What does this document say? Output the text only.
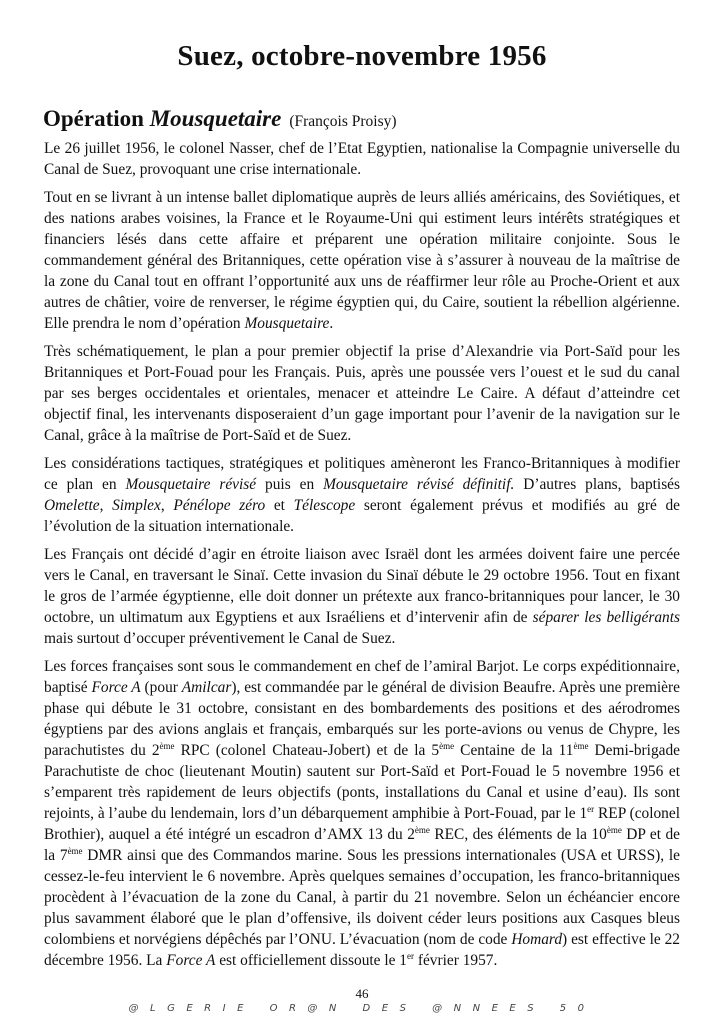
Suez, octobre-novembre 1956
Opération Mousquetaire (François Proisy)

Le 26 juillet 1956, le colonel Nasser, chef de l’Etat Egyptien, nationalise la Compagnie universelle du Canal de Suez, provoquant une crise internationale.

Tout en se livrant à un intense ballet diplomatique auprès de leurs alliés américains, des Soviétiques, et des nations arabes voisines, la France et le Royaume-Uni qui estiment leurs intérêts stratégiques et financiers lésés dans cette affaire et préparent une opération militaire conjointe. Sous le commandement général des Britanniques, cette opération vise à s’assurer à nouveau de la maîtrise de la zone du Canal tout en offrant l’opportunité aux uns de réaffirmer leur rôle au Proche-Orient et aux autres de châtier, voire de renverser, le régime égyptien qui, du Caire, soutient la rébellion algérienne. Elle prendra le nom d’opération Mousquetaire.

Très schématiquement, le plan a pour premier objectif la prise d’Alexandrie via Port-Saïd pour les Britanniques et Port-Fouad pour les Français. Puis, après une poussée vers l’ouest et le sud du canal par ses berges occidentales et orientales, menacer et atteindre Le Caire. A défaut d’atteindre cet objectif final, les intervenants disposeraient d’un gage important pour l’avenir de la navigation sur le Canal, grâce à la maîtrise de Port-Saïd et de Suez.

Les considérations tactiques, stratégiques et politiques amèneront les Franco-Britanniques à modifier ce plan en Mousquetaire révisé puis en Mousquetaire révisé définitif. D’autres plans, baptisés Omelette, Simplex, Pénélope zéro et Télescope seront également prévus et modifiés au gré de l’évolution de la situation internationale.

Les Français ont décidé d’agir en étroite liaison avec Israël dont les armées doivent faire une percée vers le Canal, en traversant le Sinaï. Cette invasion du Sinaï débute le 29 octobre 1956. Tout en fixant le gros de l’armée égyptienne, elle doit donner un prétexte aux franco-britanniques pour lancer, le 30 octobre, un ultimatum aux Egyptiens et aux Israéliens et d’intervenir afin de séparer les belligérants mais surtout d’occuper préventivement le Canal de Suez.

Les forces françaises sont sous le commandement en chef de l’amiral Barjot. Le corps expéditionnaire, baptisé Force A (pour Amilcar), est commandée par le général de division Beaufre. Après une première phase qui débute le 31 octobre, consistant en des bombardements des positions et des aérodromes égyptiens par des avions anglais et français, embarqués sur les porte-avions ou venus de Chypre, les parachutistes du 2ème RPC (colonel Chateau-Jobert) et de la 5ème Centaine de la 11ème Demi-brigade Parachutiste de choc (lieutenant Moutin) sautent sur Port-Saïd et Port-Fouad le 5 novembre 1956 et s’emparent très rapidement de leurs objectifs (ponts, installations du Canal et usine d’eau). Ils sont rejoints, à l’aube du lendemain, lors d’un débarquement amphibie à Port-Fouad, par le 1er REP (colonel Brothier), auquel a été intégré un escadron d’AMX 13 du 2ème REC, des éléments de la 10ème DP et de la 7ème DMR ainsi que des Commandos marine. Sous les pressions internationales (USA et URSS), le cessez-le-feu intervient le 6 novembre. Après quelques semaines d’occupation, les franco-britanniques procèdent à l’évacuation de la zone du Canal, à partir du 21 novembre. Selon un échéancier encore plus savamment élaboré que le plan d’offensive, ils doivent céder leurs positions aux Casques bleus colombiens et norvégiens dépêchés par l’ONU. L’évacuation (nom de code Homard) est effective le 22 décembre 1956. La Force A est officiellement dissoute le 1er février 1957.

46
@LGERIE OR@N DES @NNEES 50
